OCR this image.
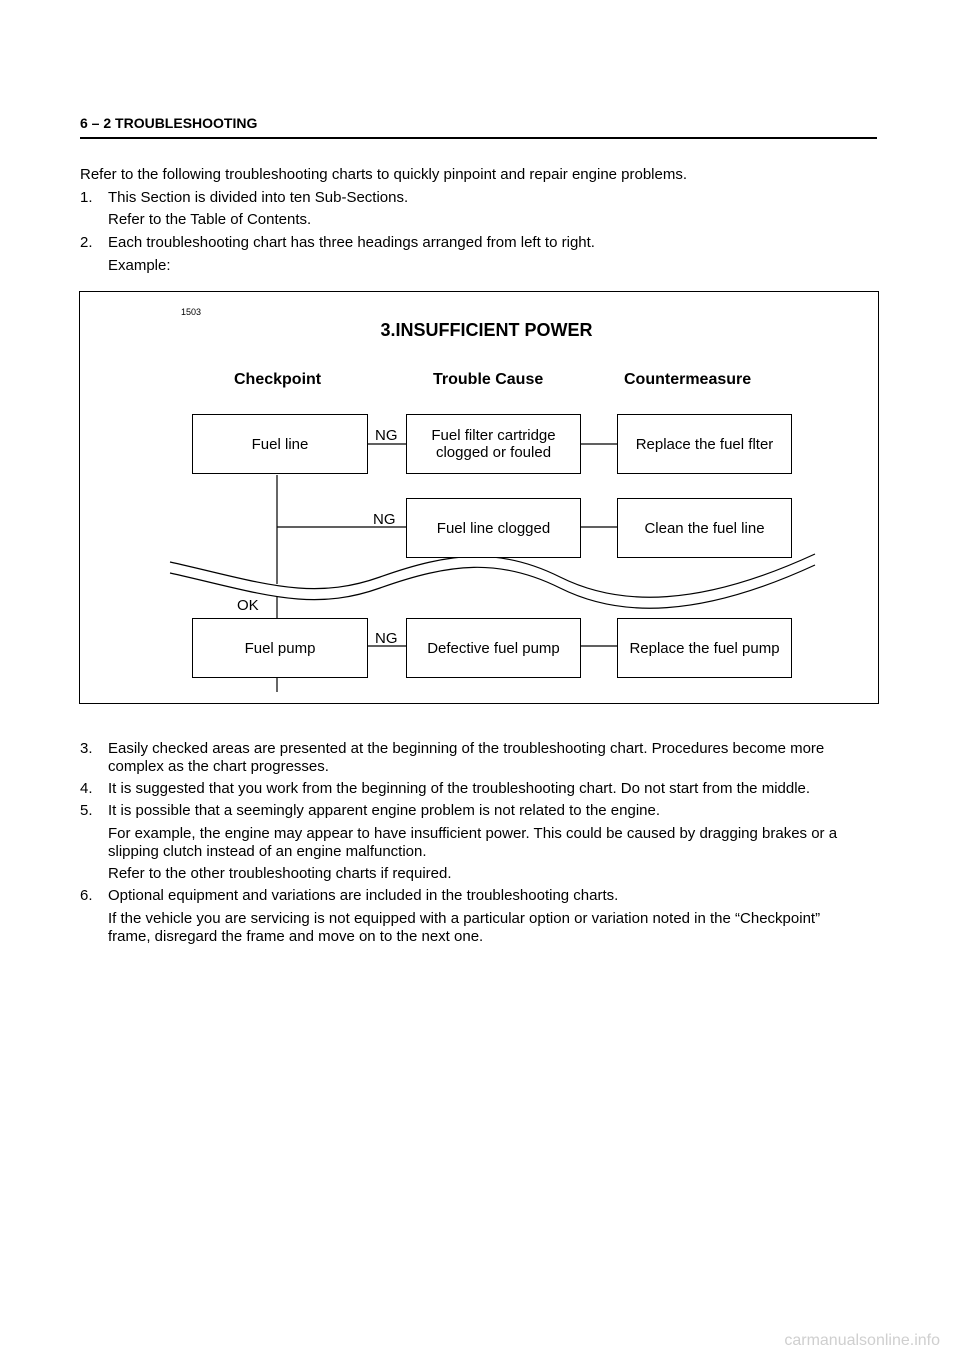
6 – 2 TROUBLESHOOTING
Refer to the following troubleshooting charts to quickly pinpoint and repair engine problems.
1. This Section is divided into ten Sub-Sections.
Refer to the Table of Contents.
2. Each troubleshooting chart has three headings arranged from left to right.
Example:
1503
3.INSUFFICIENT POWER
Checkpoint	Trouble Cause	Countermeasure
Fuel line	NG	Fuel filter cartridge clogged or fouled	Replace the fuel flter
NG	Fuel line clogged	Clean the fuel line
OK
Fuel pump
NG
Defective fuel pump	Replace the fuel pump
3. Easily checked areas are presented at the beginning of the troubleshooting chart. Procedures become more
complex as the chart progresses.
4. It is suggested that you work from the beginning of the troubleshooting chart. Do not start from the middle.
5. It is possible that a seemingly apparent engine problem is not related to the engine.
For example, the engine may appear to have insufficient power. This could be caused by dragging brakes or a
slipping clutch instead of an engine malfunction.
Refer to the other troubleshooting charts if required.
6. Optional equipment and variations are included in the troubleshooting charts.
If the vehicle you are servicing is not equipped with a particular option or variation noted in the “Checkpoint”
frame, disregard the frame and move on to the next one.
carmanualsonline.info
